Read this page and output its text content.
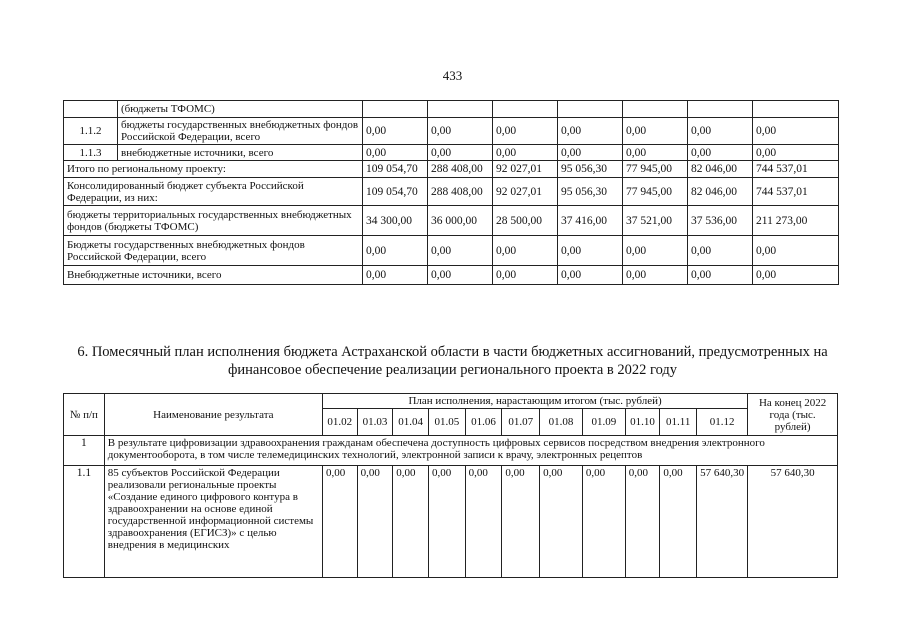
433
	(бюджеты ТФОМС)							
1.1.2	бюджеты государственных внебюджетных фондов Российской Федерации, всего	0,00	0,00	0,00	0,00	0,00	0,00	0,00
1.1.3	внебюджетные источники, всего	0,00	0,00	0,00	0,00	0,00	0,00	0,00
Итого по региональному проекту:		109 054,70	288 408,00	92 027,01	95 056,30	77 945,00	82 046,00	744 537,01
Консолидированный бюджет субъекта Российской Федерации, из них:		109 054,70	288 408,00	92 027,01	95 056,30	77 945,00	82 046,00	744 537,01
бюджеты территориальных государственных внебюджетных фондов (бюджеты ТФОМС)		34 300,00	36 000,00	28 500,00	37 416,00	37 521,00	37 536,00	211 273,00
Бюджеты государственных внебюджетных фондов Российской Федерации, всего		0,00	0,00	0,00	0,00	0,00	0,00	0,00
Внебюджетные источники, всего		0,00	0,00	0,00	0,00	0,00	0,00	0,00
6. Помесячный план исполнения бюджета Астраханской области в части бюджетных ассигнований, предусмотренных на финансовое обеспечение реализации регионального проекта в 2022 году
№ п/п	Наименование результата	План исполнения, нарастающим итогом (тыс. рублей)											На конец 2022 года (тыс. рублей)
		01.02	01.03	01.04	01.05	01.06	01.07	01.08	01.09	01.10	01.11	01.12	
1	В результате цифровизации здравоохранения гражданам обеспечена доступность цифровых сервисов посредством внедрения электронного документооборота, в том числе телемедицинских технологий, электронной записи к врачу, электронных рецептов												
1.1	85 субъектов Российской Федерации реализовали региональные проекты «Создание единого цифрового контура в здравоохранении на основе единой государственной информационной системы здравоохранения (ЕГИСЗ)» с целью внедрения в медицинских	0,00	0,00	0,00	0,00	0,00	0,00	0,00	0,00	0,00	0,00	57 640,30	57 640,30
